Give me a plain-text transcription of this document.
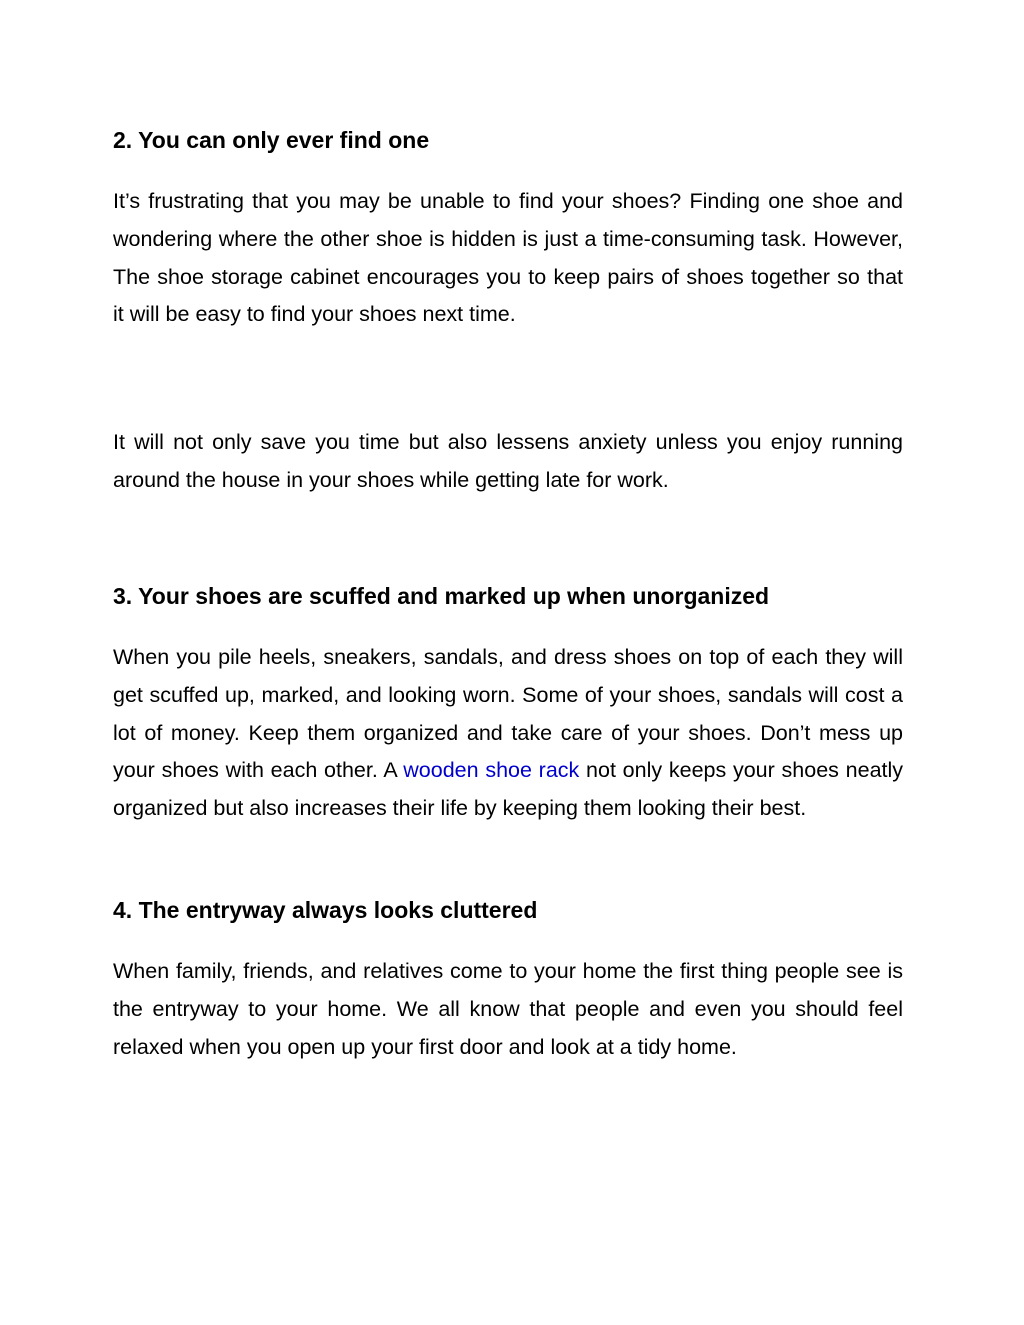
2. You can only ever find one

It’s frustrating that you may be unable to find your shoes? Finding one shoe and wondering where the other shoe is hidden is just a time-consuming task. However, The shoe storage cabinet encourages you to keep pairs of shoes together so that it will be easy to find your shoes next time.

It will not only save you time but also lessens anxiety unless you enjoy running around the house in your shoes while getting late for work.

3. Your shoes are scuffed and marked up when unorganized

When you pile heels, sneakers, sandals, and dress shoes on top of each they will get scuffed up, marked, and looking worn. Some of your shoes, sandals will cost a lot of money. Keep them organized and take care of your shoes. Don’t mess up your shoes with each other. A wooden shoe rack not only keeps your shoes neatly organized but also increases their life by keeping them looking their best.

4. The entryway always looks cluttered

When family, friends, and relatives come to your home the first thing people see is the entryway to your home. We all know that people and even you should feel relaxed when you open up your first door and look at a tidy home.
